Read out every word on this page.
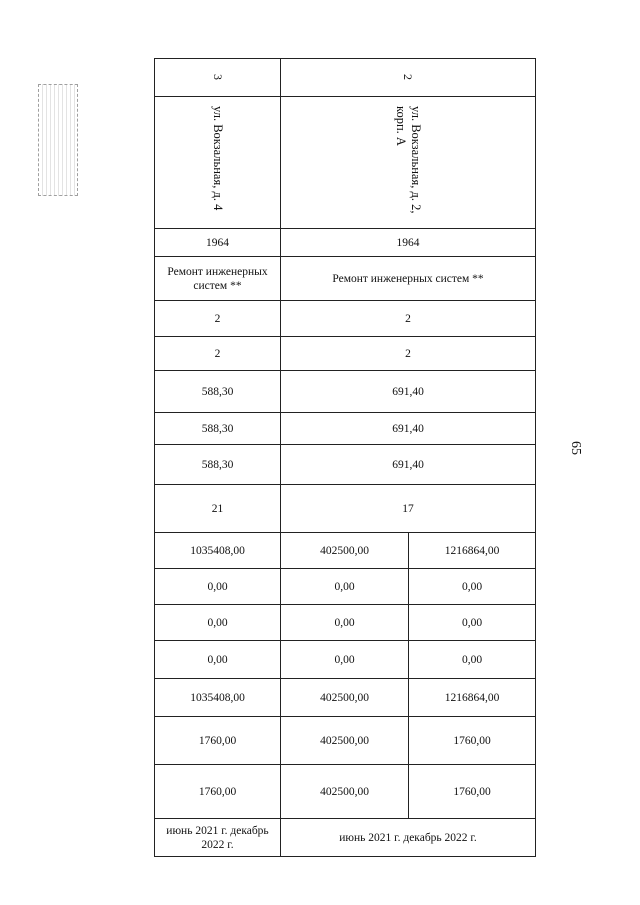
65
3	2	
ул. Вокзальная, д. 4	ул. Вокзальная, д. 2, корп. А	
1964	1964	
Ремонт инженерных систем **	Ремонт инженерных систем **	
2	2	
2	2	
588,30	691,40	
588,30	691,40	
588,30	691,40	
21	17	
1035408,00	402500,00	1216864,00
0,00	0,00	0,00
0,00	0,00	0,00
0,00	0,00	0,00
1035408,00	402500,00	1216864,00
1760,00	402500,00	1760,00
1760,00	402500,00	1760,00
июнь 2021 г. декабрь 2022 г.	июнь 2021 г. декабрь 2022 г.	
